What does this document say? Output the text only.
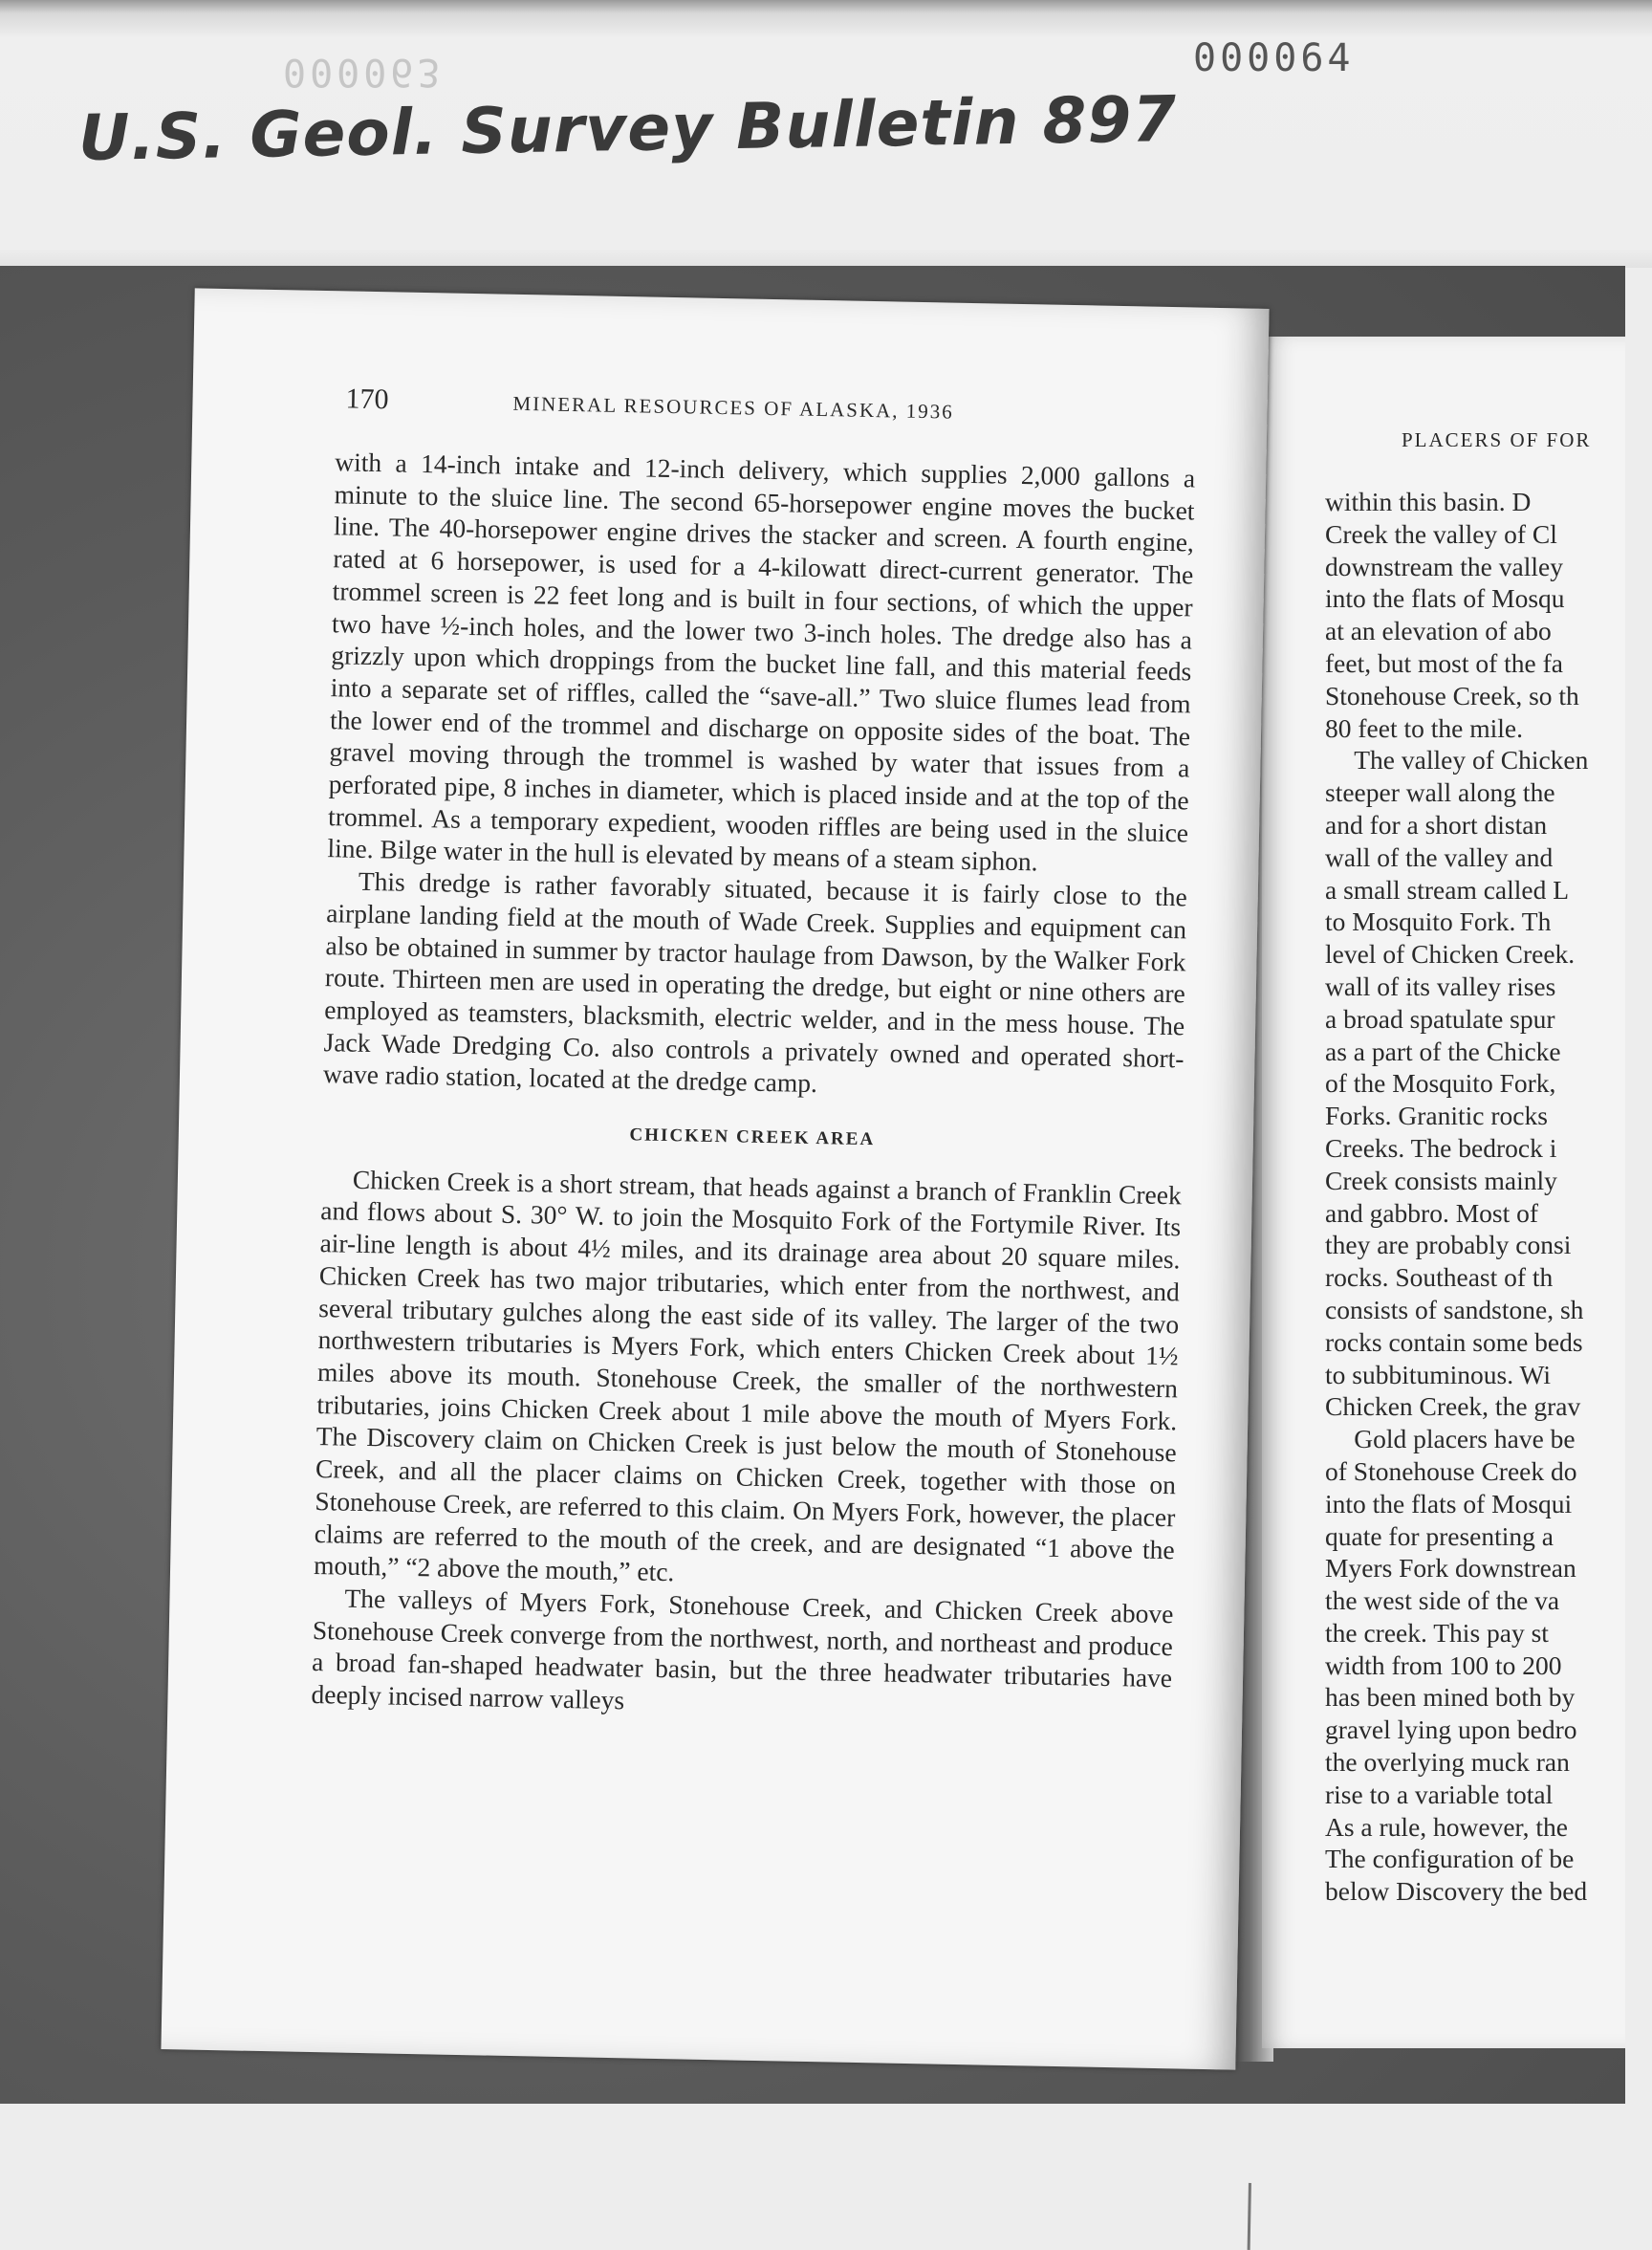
000063	000064
U.S. Geol. Survey Bulletin 897
PLACERS OF FOR
within this basin. D
Creek the valley of Cl
downstream the valley
into the flats of Mosqu
at an elevation of abo
feet, but most of the fa
Stonehouse Creek, so th
80 feet to the mile.
The valley of Chicken
steeper wall along the
and for a short distan
wall of the valley and
a small stream called L
to Mosquito Fork. Th
level of Chicken Creek.
wall of its valley rises
a broad spatulate spur
as a part of the Chicke
of the Mosquito Fork,
Forks. Granitic rocks
Creeks. The bedrock i
Creek consists mainly
and gabbro. Most of
they are probably consi
rocks. Southeast of th
consists of sandstone, sh
rocks contain some beds
to subbituminous. Wi
Chicken Creek, the grav
Gold placers have be
of Stonehouse Creek do
into the flats of Mosqui
quate for presenting a
Myers Fork downstrean
the west side of the va
the creek. This pay st
width from 100 to 200
has been mined both by
gravel lying upon bedro
the overlying muck ran
rise to a variable total
As a rule, however, the
The configuration of be
below Discovery the bed
170	MINERAL RESOURCES OF ALASKA, 1936

with a 14-inch intake and 12-inch delivery, which supplies 2,000 gallons a minute to the sluice line. The second 65-horsepower engine moves the bucket line. The 40-horsepower engine drives the stacker and screen. A fourth engine, rated at 6 horsepower, is used for a 4-kilowatt direct-current generator. The trommel screen is 22 feet long and is built in four sections, of which the upper two have ½-inch holes, and the lower two 3-inch holes. The dredge also has a grizzly upon which droppings from the bucket line fall, and this material feeds into a separate set of riffles, called the “save-all.” Two sluice flumes lead from the lower end of the trommel and discharge on opposite sides of the boat. The gravel moving through the trommel is washed by water that issues from a perforated pipe, 8 inches in diameter, which is placed inside and at the top of the trommel. As a temporary expedient, wooden riffles are being used in the sluice line. Bilge water in the hull is elevated by means of a steam siphon.

This dredge is rather favorably situated, because it is fairly close to the airplane landing field at the mouth of Wade Creek. Supplies and equipment can also be obtained in summer by tractor haulage from Dawson, by the Walker Fork route. Thirteen men are used in operating the dredge, but eight or nine others are employed as teamsters, blacksmith, electric welder, and in the mess house. The Jack Wade Dredging Co. also controls a privately owned and operated short-wave radio station, located at the dredge camp.

CHICKEN CREEK AREA

Chicken Creek is a short stream, that heads against a branch of Franklin Creek and flows about S. 30° W. to join the Mosquito Fork of the Fortymile River. Its air-line length is about 4½ miles, and its drainage area about 20 square miles. Chicken Creek has two major tributaries, which enter from the northwest, and several tributary gulches along the east side of its valley. The larger of the two northwestern tributaries is Myers Fork, which enters Chicken Creek about 1½ miles above its mouth. Stonehouse Creek, the smaller of the northwestern tributaries, joins Chicken Creek about 1 mile above the mouth of Myers Fork. The Discovery claim on Chicken Creek is just below the mouth of Stonehouse Creek, and all the placer claims on Chicken Creek, together with those on Stonehouse Creek, are referred to this claim. On Myers Fork, however, the placer claims are referred to the mouth of the creek, and are designated “1 above the mouth,” “2 above the mouth,” etc.

The valleys of Myers Fork, Stonehouse Creek, and Chicken Creek above Stonehouse Creek converge from the northwest, north, and northeast and produce a broad fan-shaped headwater basin, but the three headwater tributaries have deeply incised narrow valleys
